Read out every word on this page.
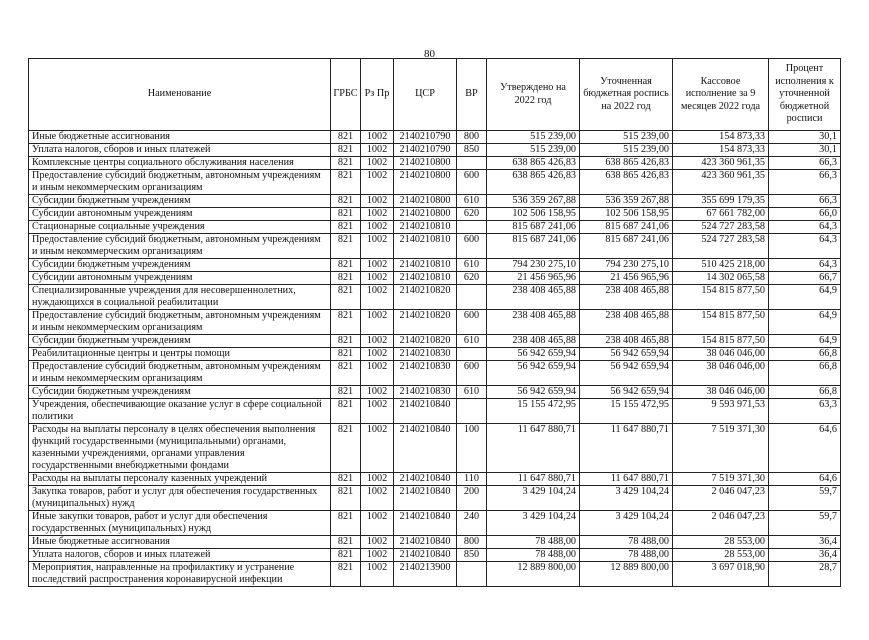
80
Наименование	ГРБС	Рз Пр	ЦСР	ВР	Утверждено на 2022 год	Уточненная бюджетная роспись на 2022 год	Кассовое исполнение за 9 месяцев 2022 года	Процент исполнения к уточненной бюджетной росписи
Иные бюджетные ассигнования	821	1002	2140210790	800	515 239,00	515 239,00	154 873,33	30,1
Уплата налогов, сборов и иных платежей	821	1002	2140210790	850	515 239,00	515 239,00	154 873,33	30,1
Комплексные центры социального обслуживания населения	821	1002	2140210800		638 865 426,83	638 865 426,83	423 360 961,35	66,3
Предоставление субсидий бюджетным, автономным учреждениям и иным некоммерческим организациям	821	1002	2140210800	600	638 865 426,83	638 865 426,83	423 360 961,35	66,3
Субсидии бюджетным учреждениям	821	1002	2140210800	610	536 359 267,88	536 359 267,88	355 699 179,35	66,3
Субсидии автономным учреждениям	821	1002	2140210800	620	102 506 158,95	102 506 158,95	67 661 782,00	66,0
Стационарные социальные учреждения	821	1002	2140210810		815 687 241,06	815 687 241,06	524 727 283,58	64,3
Предоставление субсидий бюджетным, автономным учреждениям и иным некоммерческим организациям	821	1002	2140210810	600	815 687 241,06	815 687 241,06	524 727 283,58	64,3
Субсидии бюджетным учреждениям	821	1002	2140210810	610	794 230 275,10	794 230 275,10	510 425 218,00	64,3
Субсидии автономным учреждениям	821	1002	2140210810	620	21 456 965,96	21 456 965,96	14 302 065,58	66,7
Специализированные учреждения для несовершеннолетних, нуждающихся в социальной реабилитации	821	1002	2140210820		238 408 465,88	238 408 465,88	154 815 877,50	64,9
Предоставление субсидий бюджетным, автономным учреждениям и иным некоммерческим организациям	821	1002	2140210820	600	238 408 465,88	238 408 465,88	154 815 877,50	64,9
Субсидии бюджетным учреждениям	821	1002	2140210820	610	238 408 465,88	238 408 465,88	154 815 877,50	64,9
Реабилитационные центры и центры помощи	821	1002	2140210830		56 942 659,94	56 942 659,94	38 046 046,00	66,8
Предоставление субсидий бюджетным, автономным учреждениям и иным некоммерческим организациям	821	1002	2140210830	600	56 942 659,94	56 942 659,94	38 046 046,00	66,8
Субсидии бюджетным учреждениям	821	1002	2140210830	610	56 942 659,94	56 942 659,94	38 046 046,00	66,8
Учреждения, обеспечивающие оказание услуг в сфере социальной политики	821	1002	2140210840		15 155 472,95	15 155 472,95	9 593 971,53	63,3
Расходы на выплаты персоналу в целях обеспечения выполнения функций государственными (муниципальными) органами, казенными учреждениями, органами управления государственными внебюджетными фондами	821	1002	2140210840	100	11 647 880,71	11 647 880,71	7 519 371,30	64,6
Расходы на выплаты персоналу казенных учреждений	821	1002	2140210840	110	11 647 880,71	11 647 880,71	7 519 371,30	64,6
Закупка товаров, работ и услуг для обеспечения государственных (муниципальных) нужд	821	1002	2140210840	200	3 429 104,24	3 429 104,24	2 046 047,23	59,7
Иные закупки товаров, работ и услуг для обеспечения государственных (муниципальных) нужд	821	1002	2140210840	240	3 429 104,24	3 429 104,24	2 046 047,23	59,7
Иные бюджетные ассигнования	821	1002	2140210840	800	78 488,00	78 488,00	28 553,00	36,4
Уплата налогов, сборов и иных платежей	821	1002	2140210840	850	78 488,00	78 488,00	28 553,00	36,4
Мероприятия, направленные на профилактику и устранение последствий распространения коронавирусной инфекции	821	1002	2140213900		12 889 800,00	12 889 800,00	3 697 018,90	28,7
